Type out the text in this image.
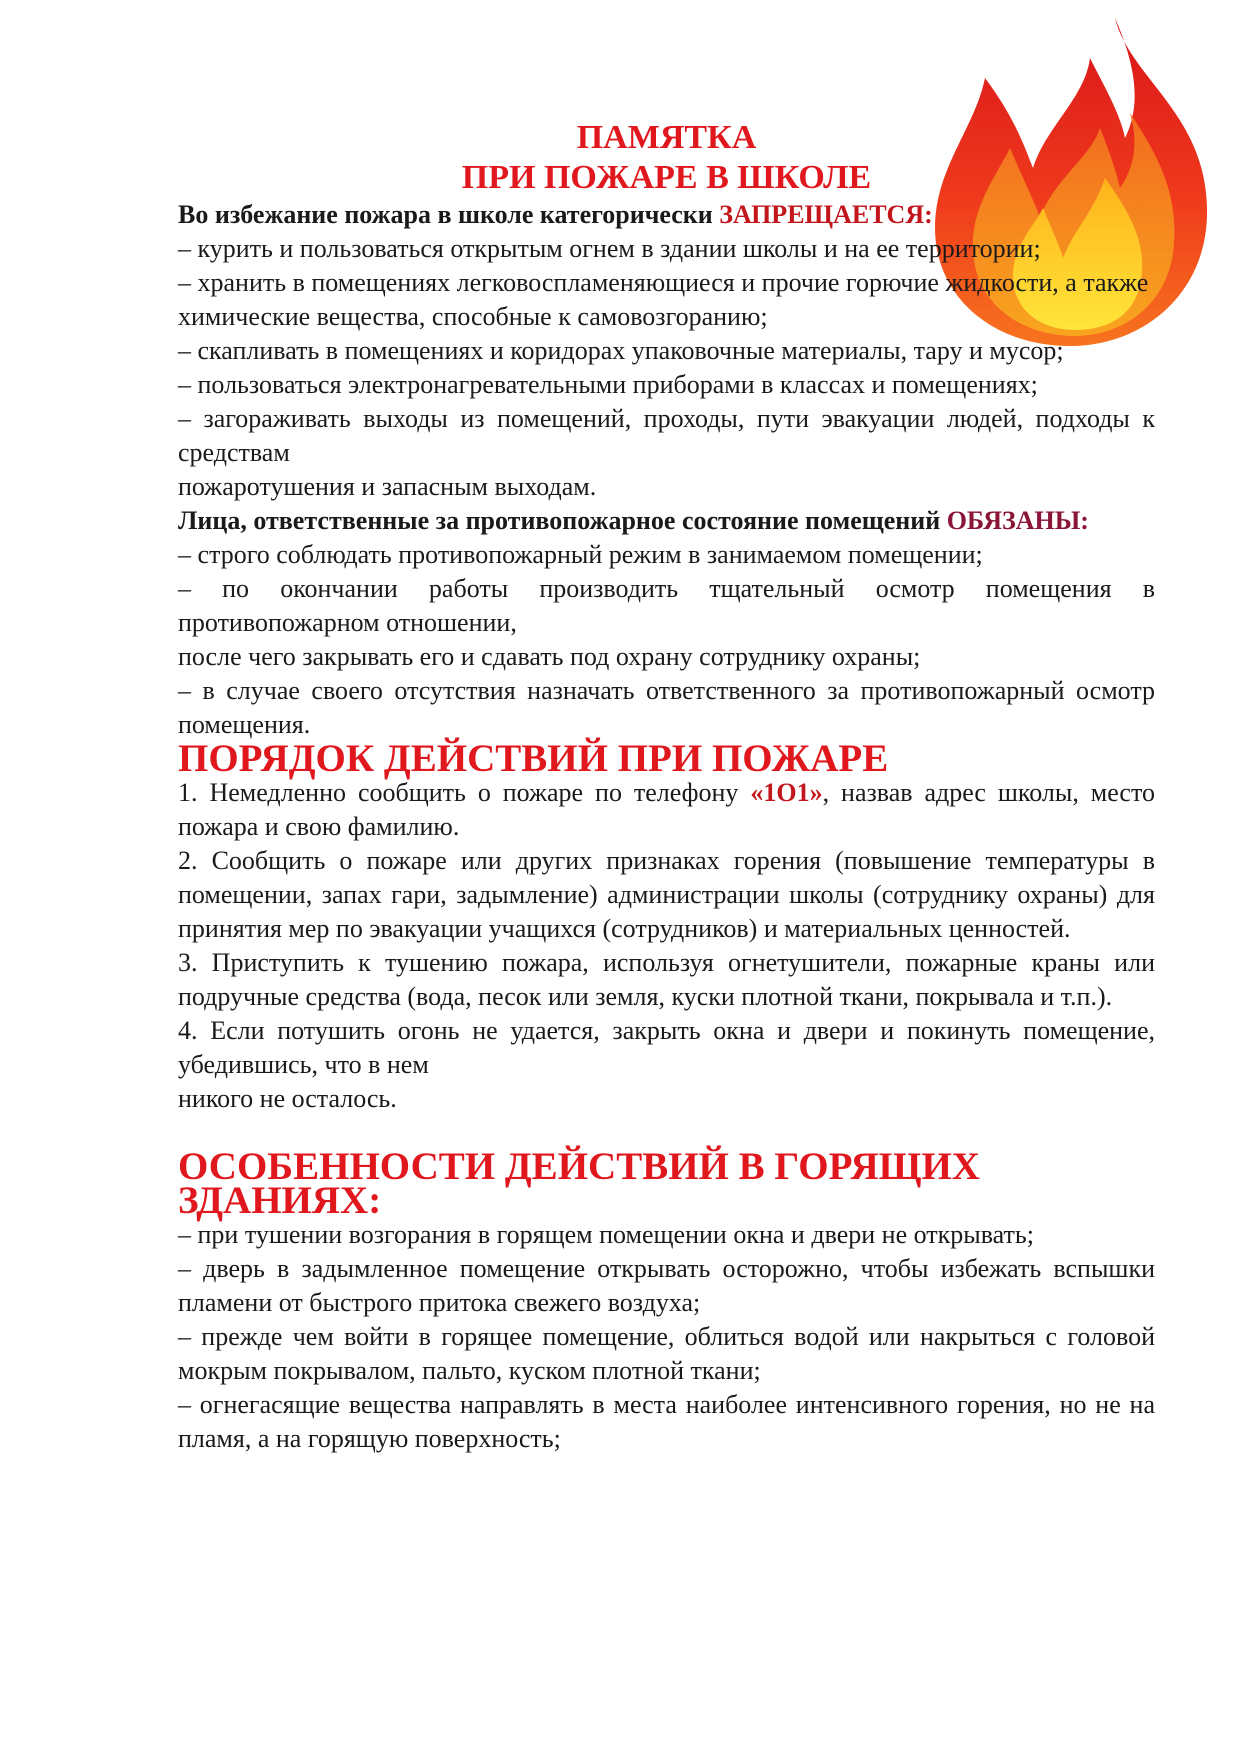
ПАМЯТКА
ПРИ ПОЖАРЕ В ШКОЛЕ

Во избежание пожара в школе категорически ЗАПРЕЩАЕТСЯ:

– курить и пользоваться открытым огнем в здании школы и на ее территории;

– хранить в помещениях легковоспламеняющиеся и прочие горючие жидкости, а также

химические вещества, способные к самовозгоранию;

– скапливать в помещениях и коридорах упаковочные материалы, тару и мусор;

– пользоваться электронагревательными приборами в классах и помещениях;

– загораживать выходы из помещений, проходы, пути эвакуации людей, подходы к средствам

пожаротушения и запасным выходам.

Лица, ответственные за противопожарное состояние помещений ОБЯЗАНЫ:

– строго соблюдать противопожарный режим в занимаемом помещении;

– по окончании работы производить тщательный осмотр помещения в противопожарном отношении,

после чего закрывать его и сдавать под охрану сотруднику охраны;

– в случае своего отсутствия назначать ответственного за противопожарный осмотр помещения.

ПОРЯДОК ДЕЙСТВИЙ ПРИ ПОЖАРЕ

1. Немедленно сообщить о пожаре по телефону «1О1», назвав адрес школы, место пожара и свою фамилию.

2. Сообщить о пожаре или других признаках горения (повышение температуры в помещении, запах гари, задымление) администрации школы (сотруднику охраны) для принятия мер по эвакуации учащихся (сотрудников) и материальных ценностей.

3. Приступить к тушению пожара, используя огнетушители, пожарные краны или подручные средства (вода, песок или земля, куски плотной ткани, покрывала и т.п.).

4. Если потушить огонь не удается, закрыть окна и двери и покинуть помещение, убедившись, что в нем

никого не осталось.

ОСОБЕННОСТИ ДЕЙСТВИЙ В ГОРЯЩИХ ЗДАНИЯХ:

– при тушении возгорания в горящем помещении окна и двери не открывать;

– дверь в задымленное помещение открывать осторожно, чтобы избежать вспышки пламени от быстрого притока свежего воздуха;

– прежде чем войти в горящее помещение, облиться водой или накрыться с головой мокрым покрывалом, пальто, куском плотной ткани;

– огнегасящие вещества направлять в места наиболее интенсивного горения, но не на пламя, а на горящую поверхность;
